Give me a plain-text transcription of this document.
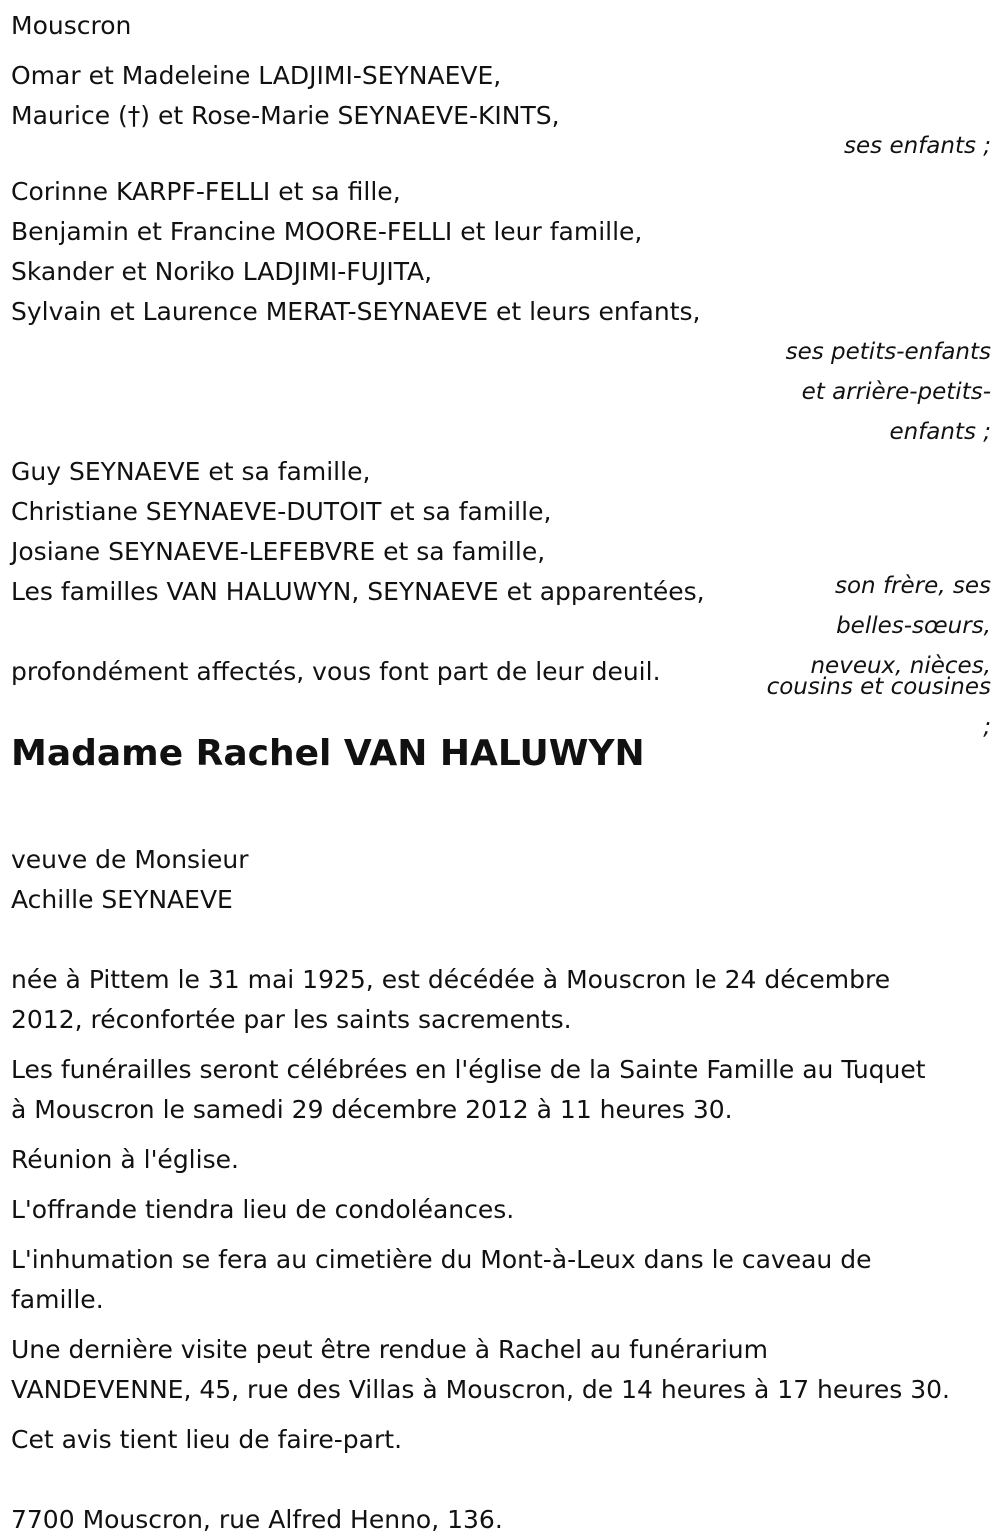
Mouscron
Omar et Madeleine LADJIMI-SEYNAEVE,
Maurice (†) et Rose-Marie SEYNAEVE-KINTS,
ses enfants ;
Corinne KARPF-FELLI et sa fille,
Benjamin et Francine MOORE-FELLI et leur famille,
Skander et Noriko LADJIMI-FUJITA,
Sylvain et Laurence MERAT-SEYNAEVE et leurs enfants,
ses petits-enfants
et arrière-petits-
enfants ;
Guy SEYNAEVE et sa famille,
Christiane SEYNAEVE-DUTOIT et sa famille,
Josiane SEYNAEVE-LEFEBVRE et sa famille,
Les familles VAN HALUWYN, SEYNAEVE et apparentées,
profondément affectés, vous font part de leur deuil.
Madame Rachel VAN HALUWYN
veuve de Monsieur
Achille SEYNAEVE
née à Pittem le 31 mai 1925, est décédée à Mouscron le 24 décembre
2012, réconfortée par les saints sacrements.
Les funérailles seront célébrées en l'église de la Sainte Famille au Tuquet
à Mouscron le samedi 29 décembre 2012 à 11 heures 30.
Réunion à l'église.
L'offrande tiendra lieu de condoléances.
L'inhumation se fera au cimetière du Mont-à-Leux dans le caveau de
famille.
Une dernière visite peut être rendue à Rachel au funérarium
VANDEVENNE, 45, rue des Villas à Mouscron, de 14 heures à 17 heures 30.
Cet avis tient lieu de faire-part.
7700 Mouscron, rue Alfred Henno, 136.
son frère, ses
belles-sœurs,
neveux, nièces,
cousins et cousines
;
